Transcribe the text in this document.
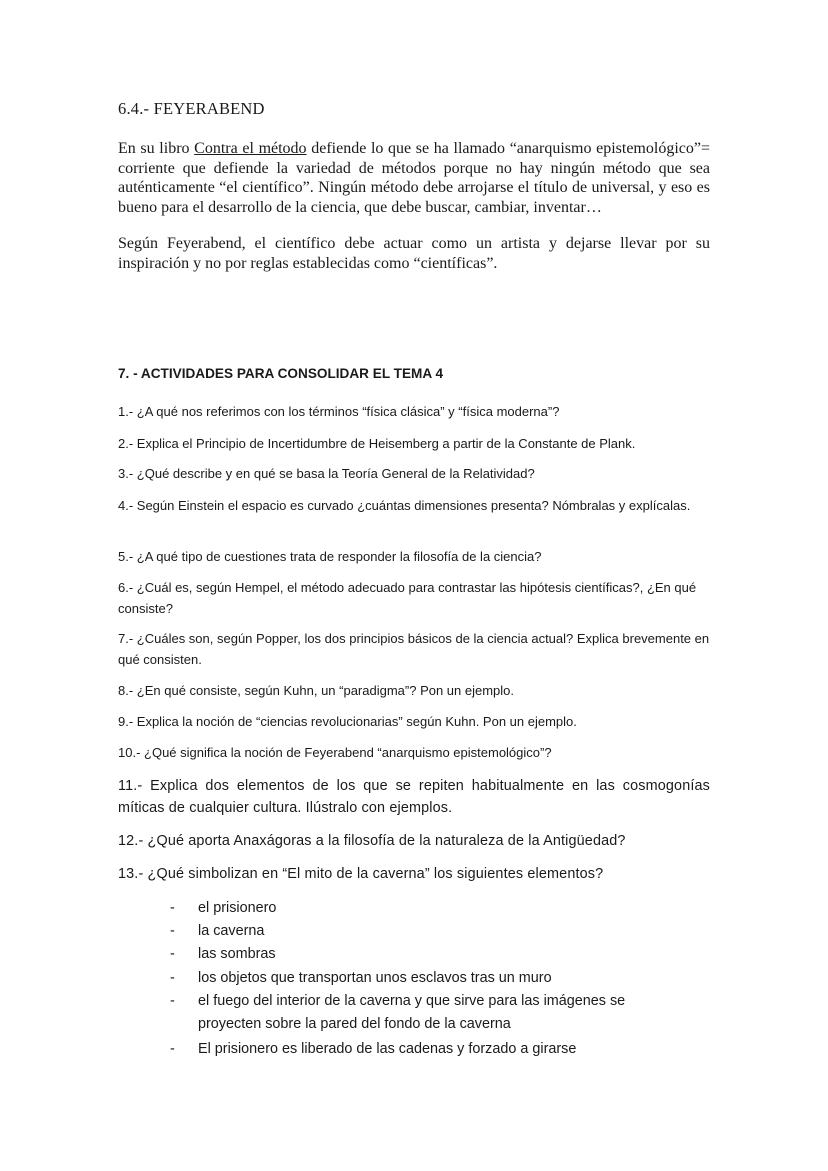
6.4.- FEYERABEND
En su libro Contra el método defiende lo que se ha llamado “anarquismo epistemológico”= corriente que defiende la variedad de métodos porque no hay ningún método que sea auténticamente “el científico”. Ningún método debe arrojarse el título de universal, y eso es bueno para el desarrollo de la ciencia, que debe buscar, cambiar, inventar…
Según Feyerabend, el científico debe actuar como un artista y dejarse llevar por su inspiración y no por reglas establecidas como “científicas”.
7. - ACTIVIDADES PARA CONSOLIDAR EL TEMA 4
1.- ¿A qué nos referimos con los términos “física clásica” y “física moderna”?
2.- Explica el Principio de Incertidumbre de Heisemberg a partir de la Constante de Plank.
3.- ¿Qué describe y en qué se basa la Teoría General de la Relatividad?
4.- Según Einstein el espacio es curvado ¿cuántas dimensiones presenta? Nómbralas y explícalas.
5.- ¿A qué tipo de cuestiones trata de responder la filosofía de la ciencia?
6.- ¿Cuál es, según Hempel, el método adecuado para contrastar las hipótesis científicas?, ¿En qué consiste?
7.- ¿Cuáles son, según Popper, los dos principios básicos de la ciencia actual? Explica brevemente en qué consisten.
8.- ¿En qué consiste, según Kuhn, un “paradigma”? Pon un ejemplo.
9.- Explica la noción de “ciencias revolucionarias” según Kuhn. Pon un ejemplo.
10.- ¿Qué significa la noción de Feyerabend “anarquismo epistemológico”?
11.- Explica dos elementos de los que se repiten habitualmente en las cosmogonías míticas de cualquier cultura. Ilústralo con ejemplos.
12.- ¿Qué aporta Anaxágoras a la filosofía de la naturaleza de la Antigüedad?
13.- ¿Qué simbolizan en “El mito de la caverna” los siguientes elementos?
- el prisionero
- la caverna
- las sombras
- los objetos que transportan unos esclavos tras un muro
- el fuego del interior de la caverna y que sirve para las imágenes se proyecten sobre la pared del fondo de la caverna
- El prisionero es liberado de las cadenas y forzado a girarse
